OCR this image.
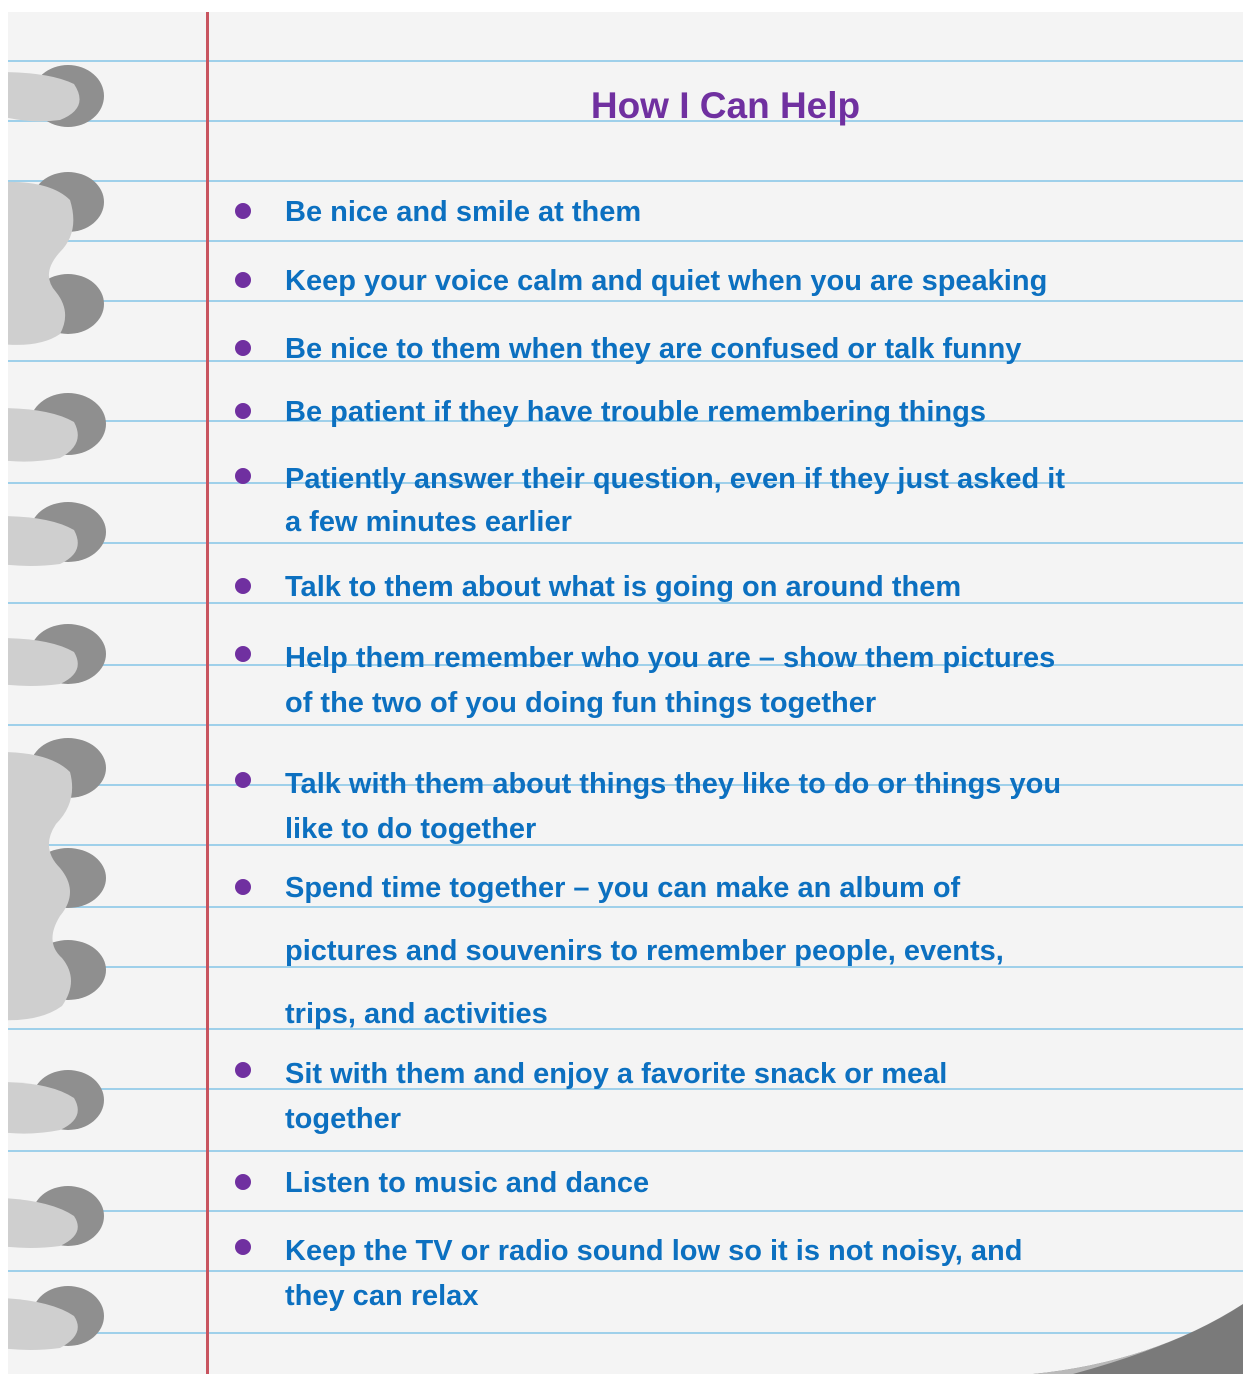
How I Can Help
Be nice and smile at them
Keep your voice calm and quiet when you are speaking
Be nice to them when they are confused or talk funny
Be patient if they have trouble remembering things
Patiently answer their question, even if they just asked it
a few minutes earlier
Talk to them about what is going on around them
Help them remember who you are – show them pictures
of the two of you doing fun things together
Talk with them about things they like to do or things you
like to do together
Spend time together – you can make an album of
pictures and souvenirs to remember people, events,
trips, and activities
Sit with them and enjoy a favorite snack or meal
together
Listen to music and dance
Keep the TV or radio sound low so it is not noisy, and
they can relax
